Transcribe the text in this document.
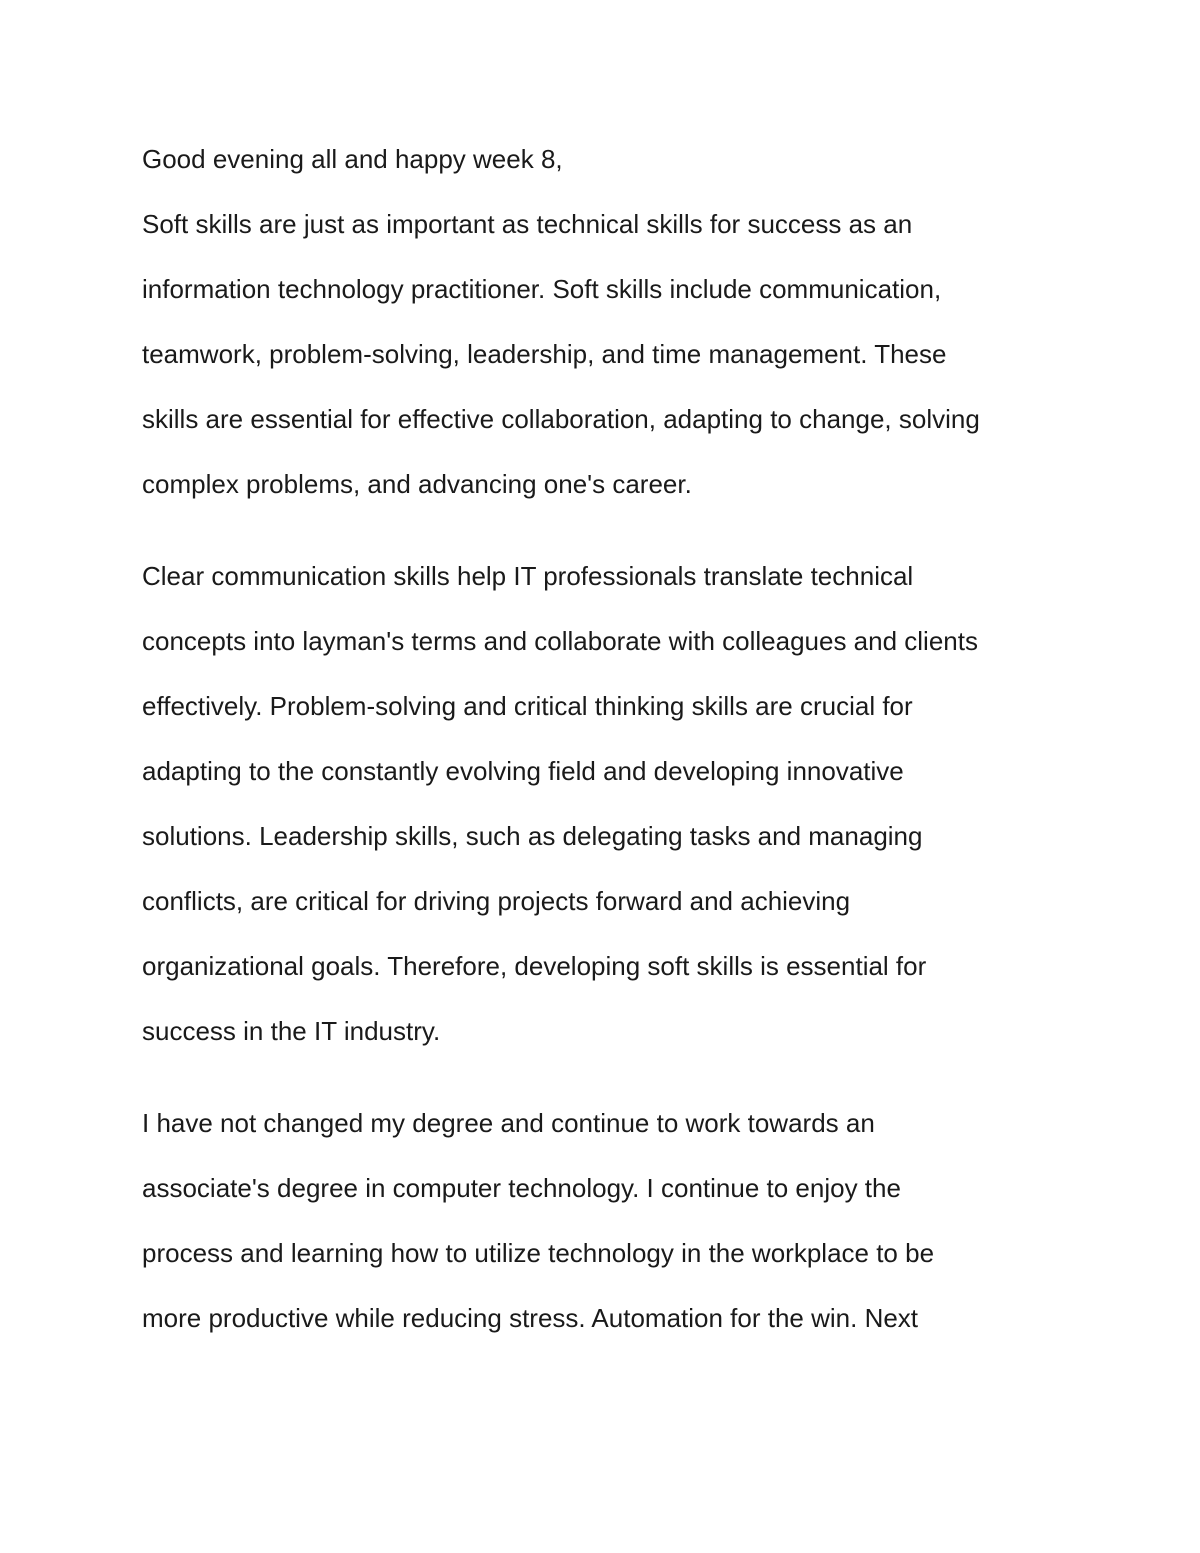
Good evening all and happy week 8,
Soft skills are just as important as technical skills for success as an
information technology practitioner. Soft skills include communication,
teamwork, problem-solving, leadership, and time management. These
skills are essential for effective collaboration, adapting to change, solving
complex problems, and advancing one's career.
Clear communication skills help IT professionals translate technical
concepts into layman's terms and collaborate with colleagues and clients
effectively. Problem-solving and critical thinking skills are crucial for
adapting to the constantly evolving field and developing innovative
solutions. Leadership skills, such as delegating tasks and managing
conflicts, are critical for driving projects forward and achieving
organizational goals. Therefore, developing soft skills is essential for
success in the IT industry.
I have not changed my degree and continue to work towards an
associate's degree in computer technology. I continue to enjoy the
process and learning how to utilize technology in the workplace to be
more productive while reducing stress. Automation for the win. Next
